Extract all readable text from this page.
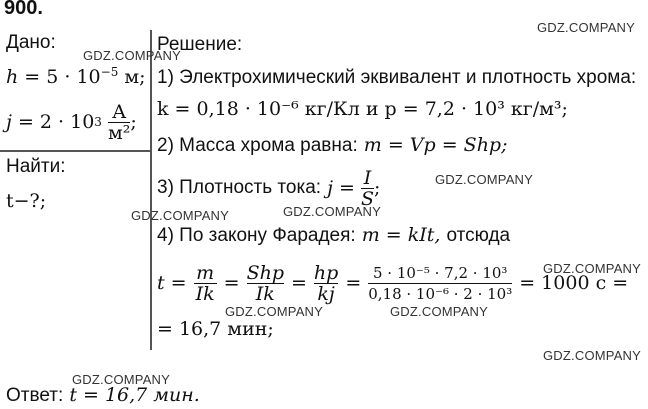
900.
Дано:
$h = 5 \cdot 10^{-5}$ м;
j
= 2 · 10 3
$\frac{А}{\text{м²}}$ ;
Найти:
t−?;
Решение:
1) Электрохимический эквивалент и плотность хрома:
k = 0,18 · 10⁻⁶ кг/Кл и p = 7,2 · 10³ кг/м³;
2) Масса хрома равна: m = Vp = Shp;
3) Плотность тока:
j =
$\frac{I}{S}$ ;
4) По закону Фарадея: m = kIt, отсюда
$t = \frac{m}{Ik} = \frac{\text{Shp}}{Ik} = \frac{hp}{kj} = \frac{\text{5 · 10⁻⁵ · 7,2 · 10³}}{\text{0,18 · 10⁻⁶ · 2 · 10³}} = 1000$ с =
= 16,7 мин;
Ответ: t = 16,7 мин.
GDZ.COMPANY
GDZ.COMPANY
GDZ.COMPANY
GDZ.COMPANY
GDZ.COMPANY
GDZ.COMPANY
GDZ.COMPANY	GDZ.COMPANY
GDZ.COMPANY
GDZ.COMPANY
